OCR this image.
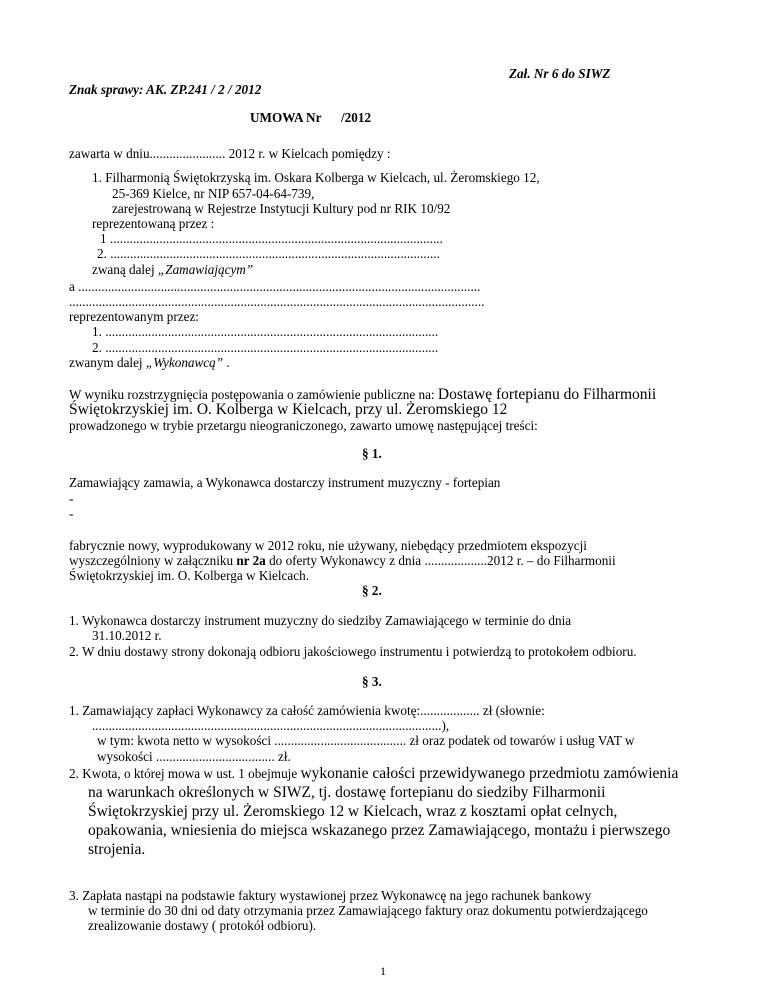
Zał. Nr 6 do SIWZ
Znak sprawy: AK. ZP.241 / 2 / 2012
UMOWA Nr /2012
zawarta w dniu....................... 2012 r. w Kielcach pomiędzy :
1. Filharmonią Świętokrzyską im. Oskara Kolberga w Kielcach, ul. Żeromskiego 12,
25-369 Kielce, nr NIP 657-04-64-739,
zarejestrowaną w Rejestrze Instytucji Kultury pod nr RIK 10/92
reprezentowaną przez :
1 .....................................................................................................
2. ....................................................................................................
zwaną dalej „Zamawiającym”
a ..........................................................................................................................
..............................................................................................................................
reprezentowanym przez:
1. .....................................................................................................
2. .....................................................................................................
zwanym dalej „Wykonawcą” .
W wyniku rozstrzygnięcia postępowania o zamówienie publiczne na: Dostawę fortepianu do Filharmonii
Świętokrzyskiej im. O. Kolberga w Kielcach, przy ul. Żeromskiego 12
prowadzonego w trybie przetargu nieograniczonego, zawarto umowę następującej treści:
§ 1.
Zamawiający zamawia, a Wykonawca dostarczy instrument muzyczny - fortepian
-
-
fabrycznie nowy, wyprodukowany w 2012 roku, nie używany, niebędący przedmiotem ekspozycji
wyszczególniony w załączniku nr 2a do oferty Wykonawcy z dnia ...................2012 r. – do Filharmonii
Świętokrzyskiej im. O. Kolberga w Kielcach.
§ 2.
1. Wykonawca dostarczy instrument muzyczny do siedziby Zamawiającego w terminie do dnia
31.10.2012 r.
2. W dniu dostawy strony dokonają odbioru jakościowego instrumentu i potwierdzą to protokołem odbioru.
§ 3.
1. Zamawiający zapłaci Wykonawcy za całość zamówienia kwotę:.................. zł (słownie:
..........................................................................................................),
w tym: kwota netto w wysokości ........................................ zł oraz podatek od towarów i usług VAT w
wysokości .................................... zł.
2. Kwota, o której mowa w ust. 1 obejmuje wykonanie całości przewidywanego przedmiotu zamówienia
na warunkach określonych w SIWZ, tj. dostawę fortepianu do siedziby Filharmonii
Świętokrzyskiej przy ul. Żeromskiego 12 w Kielcach, wraz z kosztami opłat celnych,
opakowania, wniesienia do miejsca wskazanego przez Zamawiającego, montażu i pierwszego
strojenia.
3. Zapłata nastąpi na podstawie faktury wystawionej przez Wykonawcę na jego rachunek bankowy
w terminie do 30 dni od daty otrzymania przez Zamawiającego faktury oraz dokumentu potwierdzającego
zrealizowanie dostawy ( protokół odbioru).
1
